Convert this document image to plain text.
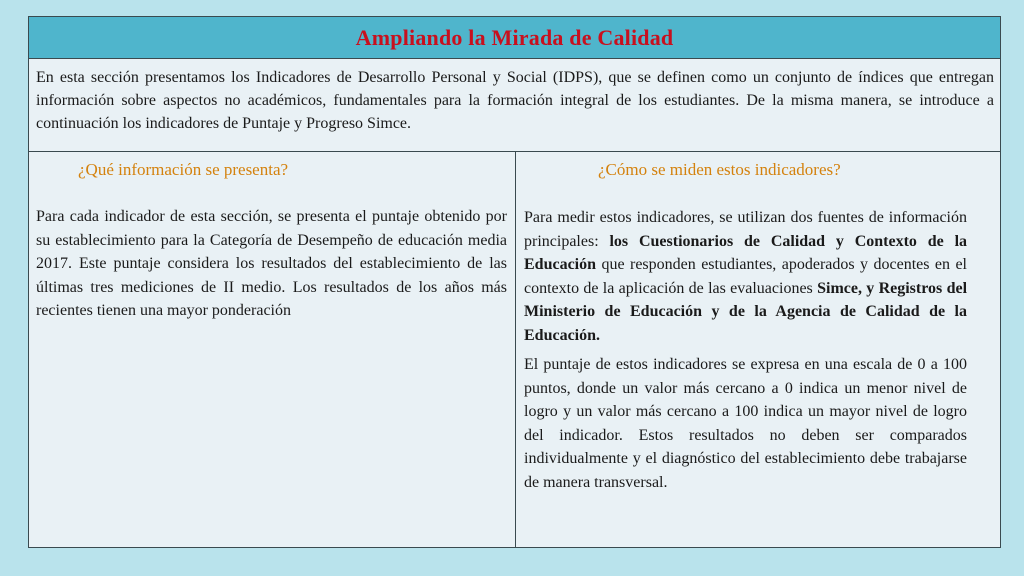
Ampliando la Mirada de Calidad
En esta sección presentamos los Indicadores de Desarrollo Personal y Social (IDPS), que se definen como un conjunto de índices que entregan información sobre aspectos no académicos, fundamentales para la formación integral de los estudiantes. De la misma manera, se introduce a continuación los indicadores de Puntaje y Progreso Simce.
¿Qué información se presenta?

Para cada indicador de esta sección, se presenta el puntaje obtenido por su establecimiento para la Categoría de Desempeño de educación media 2017. Este puntaje considera los resultados del establecimiento de las últimas tres mediciones de II medio. Los resultados de los años más recientes tienen una mayor ponderación

¿Cómo se miden estos indicadores?

Para medir estos indicadores, se utilizan dos fuentes de información principales: los Cuestionarios de Calidad y Contexto de la Educación que responden estudiantes, apoderados y docentes en el contexto de la aplicación de las evaluaciones Simce, y Registros del Ministerio de Educación y de la Agencia de Calidad de la Educación.

El puntaje de estos indicadores se expresa en una escala de 0 a 100 puntos, donde un valor más cercano a 0 indica un menor nivel de logro y un valor más cercano a 100 indica un mayor nivel de logro del indicador. Estos resultados no deben ser comparados individualmente y el diagnóstico del establecimiento debe trabajarse de manera transversal.
